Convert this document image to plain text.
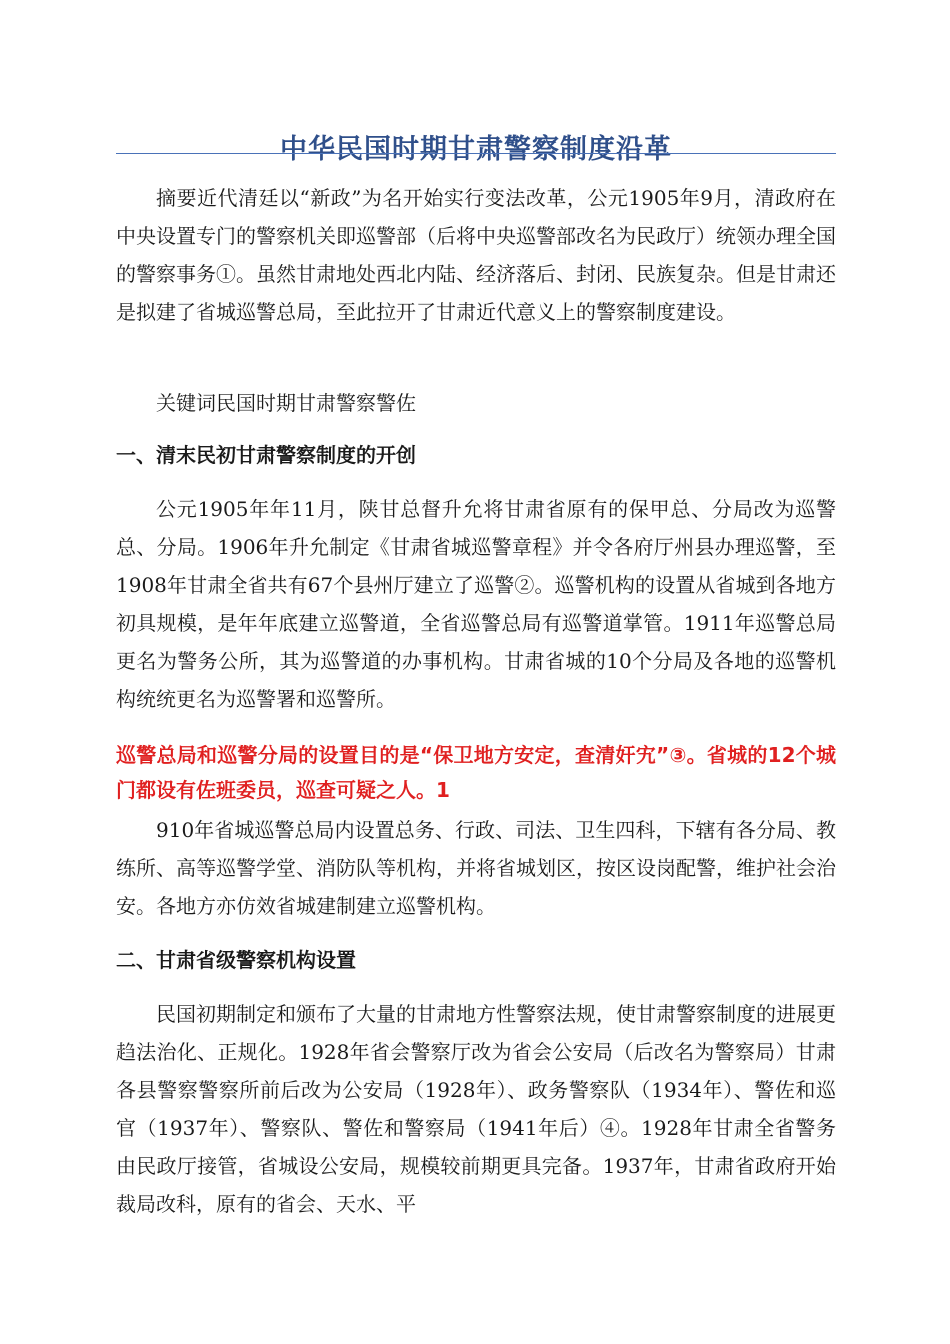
中华民国时期甘肃警察制度沿革

摘要近代清廷以“新政”为名开始实行变法改革，公元1905年9月，清政府在中央设置专门的警察机关即巡警部（后将中央巡警部改名为民政厅）统领办理全国的警察事务①。虽然甘肃地处西北内陆、经济落后、封闭、民族复杂。但是甘肃还是拟建了省城巡警总局，至此拉开了甘肃近代意义上的警察制度建设。

关键词民国时期甘肃警察警佐

一、清末民初甘肃警察制度的开创

公元1905年年11月，陕甘总督升允将甘肃省原有的保甲总、分局改为巡警总、分局。1906年升允制定《甘肃省城巡警章程》并令各府厅州县办理巡警，至1908年甘肃全省共有67个县州厅建立了巡警②。巡警机构的设置从省城到各地方初具规模，是年年底建立巡警道，全省巡警总局有巡警道掌管。1911年巡警总局更名为警务公所，其为巡警道的办事机构。甘肃省城的10个分局及各地的巡警机构统统更名为巡警署和巡警所。

巡警总局和巡警分局的设置目的是“保卫地方安定，查清奸宄”③。省城的12个城门都设有佐班委员，巡查可疑之人。1

910年省城巡警总局内设置总务、行政、司法、卫生四科，下辖有各分局、教练所、高等巡警学堂、消防队等机构，并将省城划区，按区设岗配警，维护社会治安。各地方亦仿效省城建制建立巡警机构。

二、甘肃省级警察机构设置

民国初期制定和颁布了大量的甘肃地方性警察法规，使甘肃警察制度的进展更趋法治化、正规化。1928年省会警察厅改为省会公安局（后改名为警察局）甘肃各县警察警察所前后改为公安局（1928年）、政务警察队（1934年）、警佐和巡官（1937年）、警察队、警佐和警察局（1941年后）④。1928年甘肃全省警务由民政厅接管，省城设公安局，规模较前期更具完备。1937年，甘肃省政府开始裁局改科，原有的省会、天水、平
